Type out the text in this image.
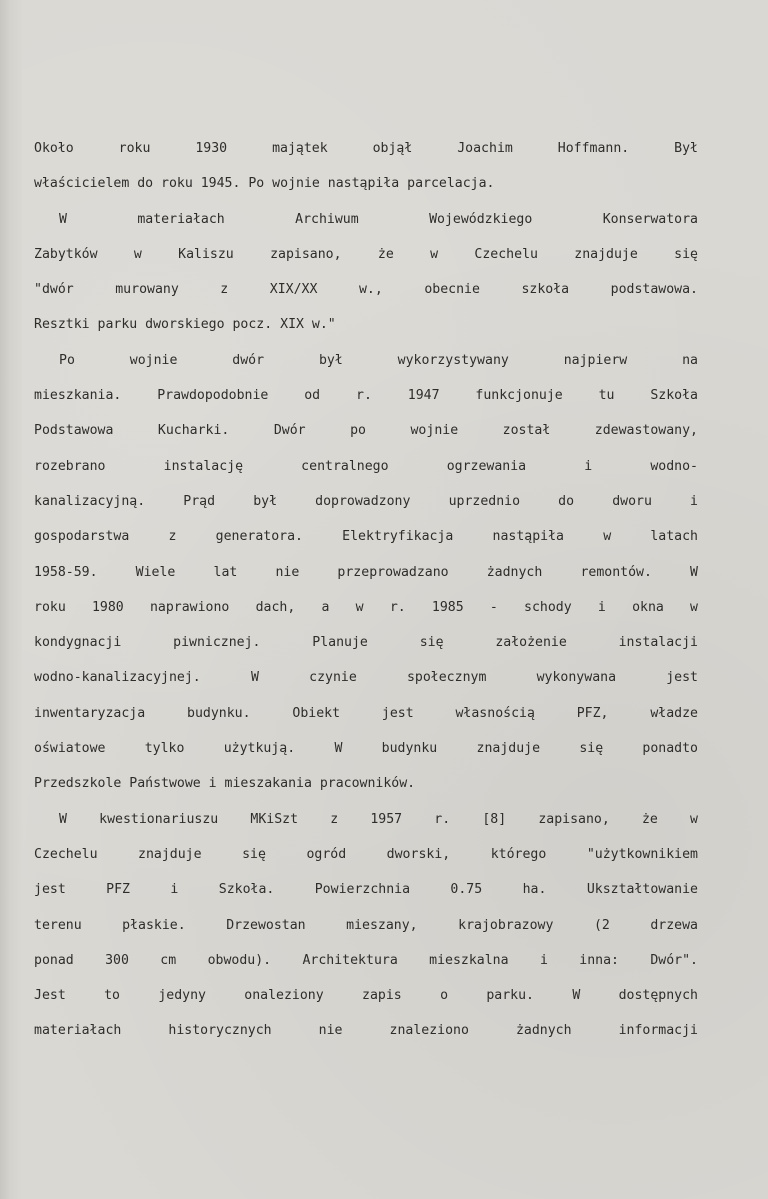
Około roku 1930 majątek objął Joachim Hoffmann. Był
właścicielem do roku 1945. Po wojnie nastąpiła parcelacja.
W materiałach Archiwum Wojewódzkiego Konserwatora
Zabytków w Kaliszu zapisano, że w Czechelu znajduje się
"dwór murowany z XIX/XX w., obecnie szkoła podstawowa.
Resztki parku dworskiego pocz. XIX w."
Po wojnie dwór był wykorzystywany najpierw na
mieszkania. Prawdopodobnie od r. 1947 funkcjonuje tu Szkoła
Podstawowa Kucharki. Dwór po wojnie został zdewastowany,
rozebrano instalację centralnego ogrzewania i wodno-
kanalizacyjną. Prąd był doprowadzony uprzednio do dworu i
gospodarstwa z generatora. Elektryfikacja nastąpiła w latach
1958-59. Wiele lat nie przeprowadzano żadnych remontów. W
roku 1980 naprawiono dach, a w r. 1985 - schody i okna w
kondygnacji piwnicznej. Planuje się założenie instalacji
wodno-kanalizacyjnej. W czynie społecznym wykonywana jest
inwentaryzacja budynku. Obiekt jest własnością PFZ, władze
oświatowe tylko użytkują. W budynku znajduje się ponadto
Przedszkole Państwowe i mieszakania pracowników.
W kwestionariuszu MKiSzt z 1957 r. [8] zapisano, że w
Czechelu znajduje się ogród dworski, którego "użytkownikiem
jest PFZ i Szkoła. Powierzchnia 0.75 ha. Ukształtowanie
terenu płaskie. Drzewostan mieszany, krajobrazowy (2 drzewa
ponad 300 cm obwodu). Architektura mieszkalna i inna: Dwór".
Jest to jedyny onaleziony zapis o parku. W dostępnych
materiałach historycznych nie znaleziono żadnych informacji
